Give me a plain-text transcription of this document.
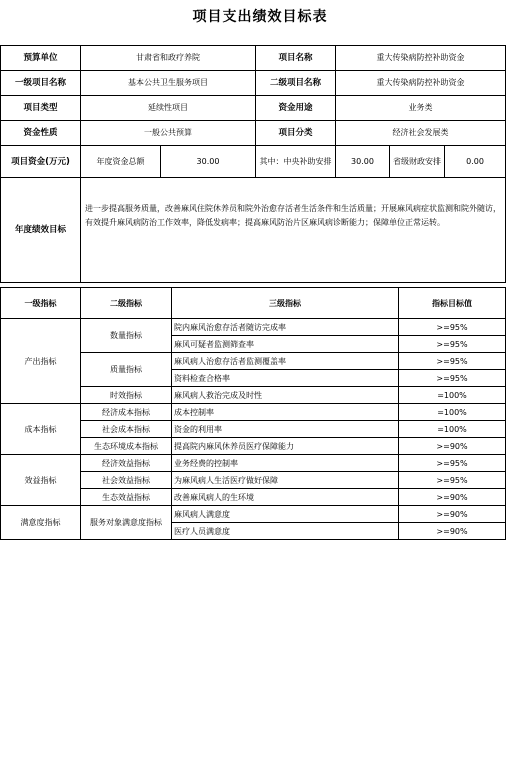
项目支出绩效目标表
预算单位	甘肃省和政疗养院		项目名称	重大传染病防控补助资金		
一级项目名称	基本公共卫生服务项目		二级项目名称	重大传染病防控补助资金		
项目类型	延续性项目		资金用途	业务类		
资金性质	一般公共预算		项目分类	经济社会发展类		
项目资金(万元)	年度资金总额	30.00	其中：中央补助安排	30.00	省级财政安排	0.00
年度绩效目标	进一步提高服务质量，改善麻风住院休养员和院外治愈存活者生活条件和生活质量；开展麻风病症状监测和院外随访，有效提升麻风病防治工作效率，降低发病率；提高麻风防治片区麻风病诊断能力；保障单位正常运转。					
一级指标	二级指标	三级指标	指标目标值
产出指标	数量指标	院内麻风治愈存活者随访完成率	>=95%
		麻风可疑者监测筛查率	>=95%
	质量指标	麻风病人治愈存活者监测覆盖率	>=95%
		资料检查合格率	>=95%
	时效指标	麻风病人救治完成及时性	=100%
成本指标	经济成本指标	成本控制率	=100%
	社会成本指标	资金的利用率	=100%
	生态环境成本指标	提高院内麻风休养员医疗保障能力	>=90%
效益指标	经济效益指标	业务经费的控制率	>=95%
	社会效益指标	为麻风病人生活医疗做好保障	>=95%
	生态效益指标	改善麻风病人的生环境	>=90%
满意度指标	服务对象满意度指标	麻风病人满意度	>=90%
		医疗人员满意度	>=90%
